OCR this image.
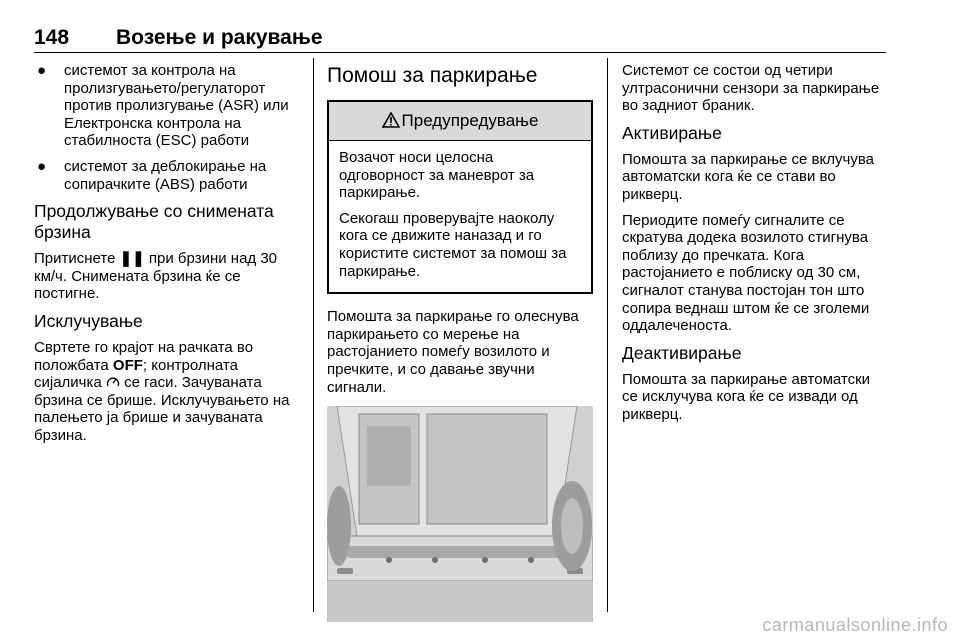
148 Возење и ракување
● системот за контрола на пролизгувањето/регулаторот против пролизгување (ASR) или Електронска контрола на стабилноста (ESC) работи
● системот за деблокирање на сопирачките (ABS) работи
Продолжување со снимената брзина

Притиснете ❚❚ при брзини над 30 км/ч. Снимената брзина ќе се постигне.

Исклучување

Свртете го крајот на рачката во положбата OFF; контролната сијаличка се гаси. Зачуваната брзина се брише. Исклучувањето на палењето ја брише и зачуваната брзина.

Помош за паркирање
Предупредување

Возачот носи целосна одговорност за маневрот за паркирање.

Секогаш проверувајте наоколу кога се движите наназад и го користите системот за помош за паркирање.

Помошта за паркирање го олеснува паркирањето со мерење на растојанието помеѓу возилото и пречките, и со давање звучни сигнали.

Системот се состои од четири ултрасонични сензори за паркирање во задниот браник.

Активирање

Помошта за паркирање се вклучува автоматски кога ќе се стави во рикверц.

Периодите помеѓу сигналите се скратува додека возилото стигнува поблизу до пречката. Кога растојанието е поблиску од 30 см, сигналот станува постојан тон што сопира веднаш штом ќе се зголеми оддалеченоста.

Деактивирање

Помошта за паркирање автоматски се исклучува кога ќе се извади од рикверц.

carmanualsonline.info
